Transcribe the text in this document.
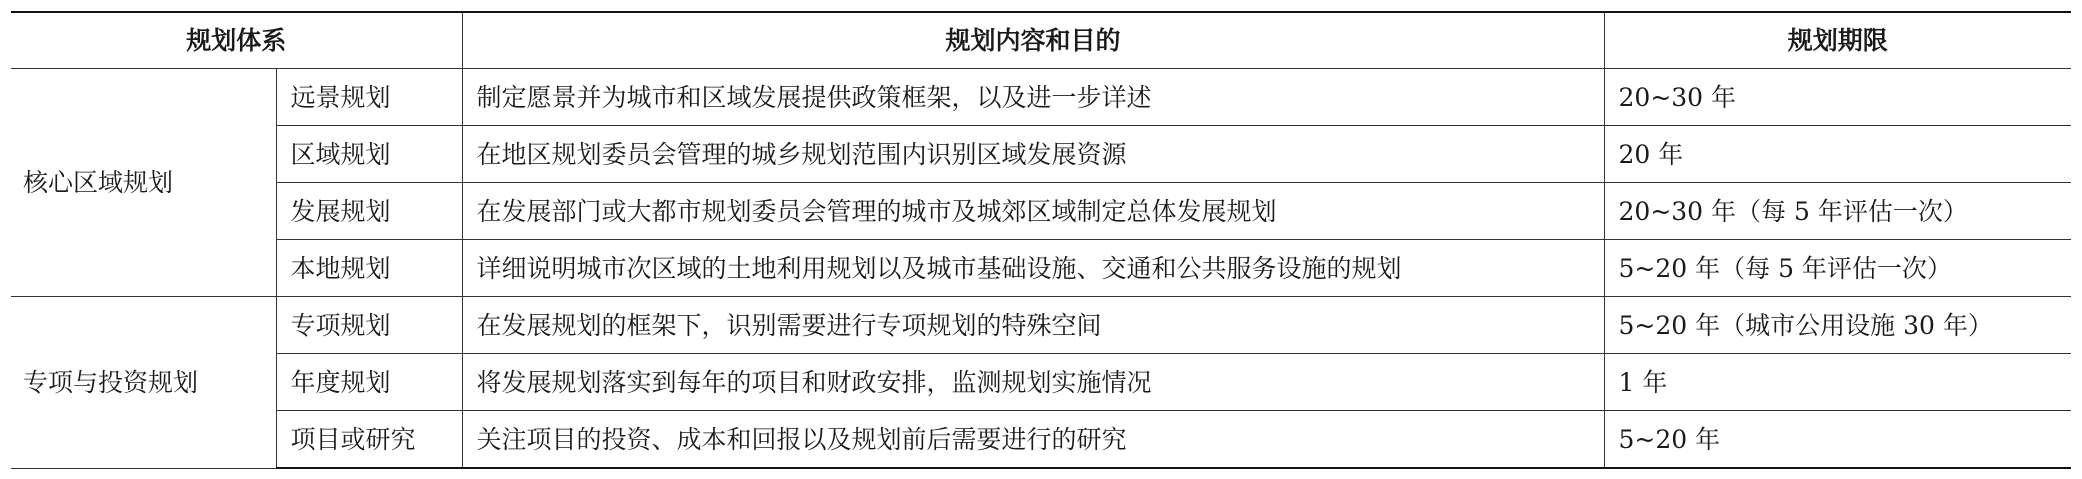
规划体系		规划内容和目的	规划期限
核心区域规划	远景规划	制定愿景并为城市和区域发展提供政策框架，以及进一步详述	20~30 年
	区域规划	在地区规划委员会管理的城乡规划范围内识别区域发展资源	20 年
	发展规划	在发展部门或大都市规划委员会管理的城市及城郊区域制定总体发展规划	20~30 年（每 5 年评估一次）
	本地规划	详细说明城市次区域的土地利用规划以及城市基础设施、交通和公共服务设施的规划	5~20 年（每 5 年评估一次）
专项与投资规划	专项规划	在发展规划的框架下，识别需要进行专项规划的特殊空间	5~20 年（城市公用设施 30 年）
	年度规划	将发展规划落实到每年的项目和财政安排，监测规划实施情况	1 年
	项目或研究	关注项目的投资、成本和回报以及规划前后需要进行的研究	5~20 年
